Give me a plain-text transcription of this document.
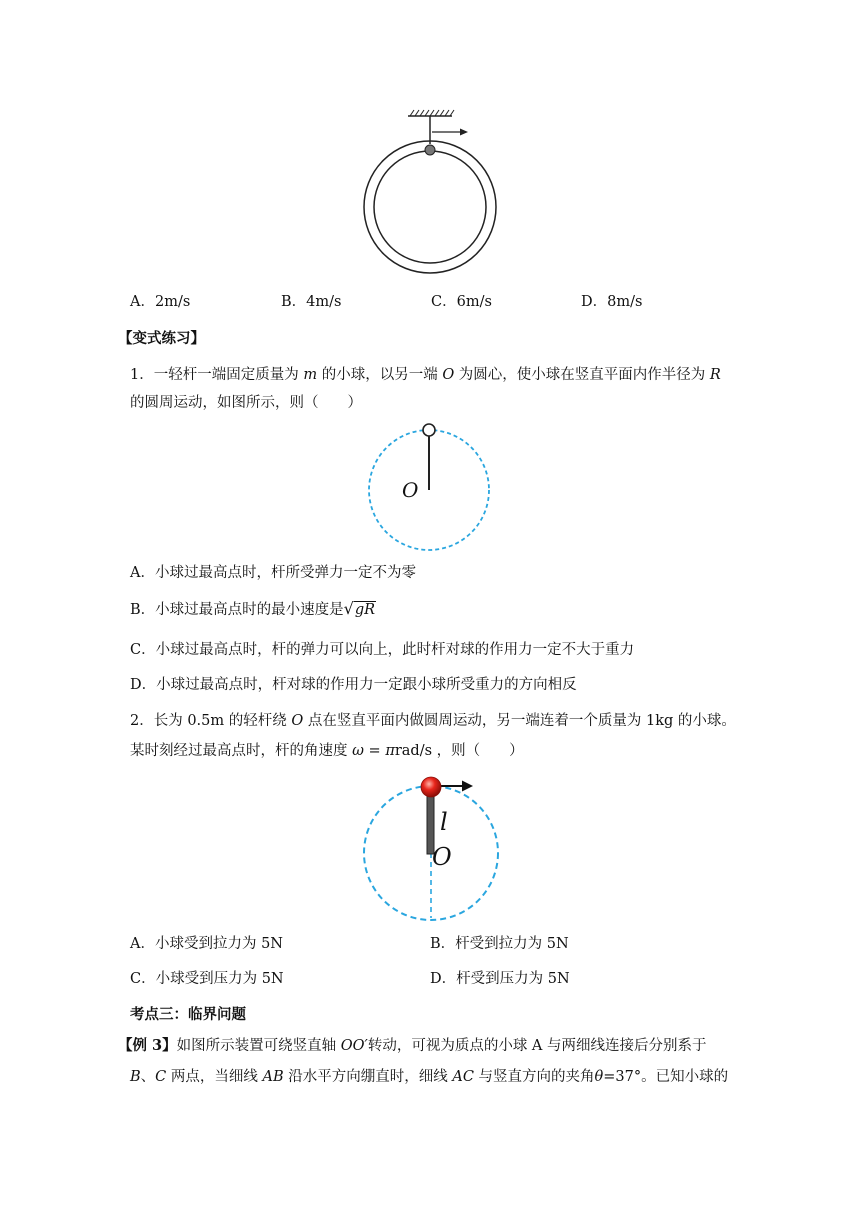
A．2m/s	B．4m/s	C．6m/s	D．8m/s
【变式练习】
1．一轻杆一端固定质量为 m 的小球，以另一端 O 为圆心，使小球在竖直平面内作半径为 R
的圆周运动，如图所示，则（　　）
O
A．小球过最高点时，杆所受弹力一定不为零
B．小球过最高点时的最小速度是√gR
C．小球过最高点时，杆的弹力可以向上，此时杆对球的作用力一定不大于重力
D．小球过最高点时，杆对球的作用力一定跟小球所受重力的方向相反
2．长为 0.5m 的轻杆绕 O 点在竖直平面内做圆周运动，另一端连着一个质量为 1kg 的小球。
某时刻经过最高点时，杆的角速度 ω = πrad/s ，则（　　）
l
O
A．小球受到拉力为 5N	B．杆受到拉力为 5N
C．小球受到压力为 5N	D．杆受到压力为 5N
考点三：临界问题
【例 3】如图所示装置可绕竖直轴 OO′转动，可视为质点的小球 A 与两细线连接后分别系于
B、C 两点，当细线 AB 沿水平方向绷直时，细线 AC 与竖直方向的夹角θ=37°。已知小球的
